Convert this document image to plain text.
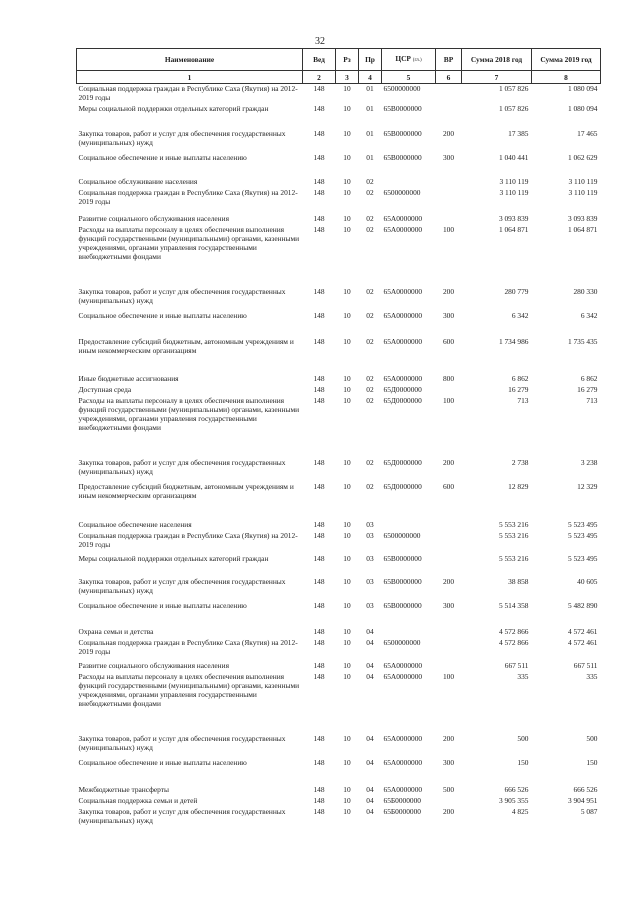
32
Наименование	Вед	Рз	Пр	ЦСР (гл.)	ВР	Сумма 2018 год	Сумма 2019 год
1	2	3	4	5	6	7	8
Социальная поддержка граждан в Республике Саха (Якутия) на 2012-2019 годы	148	10	01	6500000000		1 057 826	1 080 094
Меры социальной поддержки отдельных категорий граждан	148	10	01	65В0000000		1 057 826	1 080 094
Закупка товаров, работ и услуг для обеспечения государственных (муниципальных) нужд	148	10	01	65В0000000	200	17 385	17 465
Социальное обеспечение и иные выплаты населению	148	10	01	65В0000000	300	1 040 441	1 062 629
Социальное обслуживание населения	148	10	02			3 110 119	3 110 119
Социальная поддержка граждан в Республике Саха (Якутия) на 2012-2019 годы	148	10	02	6500000000		3 110 119	3 110 119
Развитие социального обслуживания населения	148	10	02	65А0000000		3 093 839	3 093 839
Расходы на выплаты персоналу в целях обеспечения выполнения функций государственными (муниципальными) органами, казенными учреждениями, органами управления государственными внебюджетными фондами	148	10	02	65А0000000	100	1 064 871	1 064 871
Закупка товаров, работ и услуг для обеспечения государственных (муниципальных) нужд	148	10	02	65А0000000	200	280 779	280 330
Социальное обеспечение и иные выплаты населению	148	10	02	65А0000000	300	6 342	6 342
Предоставление субсидий бюджетным, автономным учреждениям и иным некоммерческим организациям	148	10	02	65А0000000	600	1 734 986	1 735 435
Иные бюджетные ассигнования	148	10	02	65А0000000	800	6 862	6 862
Доступная среда	148	10	02	65Д0000000		16 279	16 279
Расходы на выплаты персоналу в целях обеспечения выполнения функций государственными (муниципальными) органами, казенными учреждениями, органами управления государственными внебюджетными фондами	148	10	02	65Д0000000	100	713	713
Закупка товаров, работ и услуг для обеспечения государственных (муниципальных) нужд	148	10	02	65Д0000000	200	2 738	3 238
Предоставление субсидий бюджетным, автономным учреждениям и иным некоммерческим организациям	148	10	02	65Д0000000	600	12 829	12 329
Социальное обеспечение населения	148	10	03			5 553 216	5 523 495
Социальная поддержка граждан в Республике Саха (Якутия) на 2012-2019 годы	148	10	03	6500000000		5 553 216	5 523 495
Меры социальной поддержки отдельных категорий граждан	148	10	03	65В0000000		5 553 216	5 523 495
Закупка товаров, работ и услуг для обеспечения государственных (муниципальных) нужд	148	10	03	65В0000000	200	38 858	40 605
Социальное обеспечение и иные выплаты населению	148	10	03	65В0000000	300	5 514 358	5 482 890
Охрана семьи и детства	148	10	04			4 572 866	4 572 461
Социальная поддержка граждан в Республике Саха (Якутия) на 2012-2019 годы	148	10	04	6500000000		4 572 866	4 572 461
Развитие социального обслуживания населения	148	10	04	65А0000000		667 511	667 511
Расходы на выплаты персоналу в целях обеспечения выполнения функций государственными (муниципальными) органами, казенными учреждениями, органами управления государственными внебюджетными фондами	148	10	04	65А0000000	100	335	335
Закупка товаров, работ и услуг для обеспечения государственных (муниципальных) нужд	148	10	04	65А0000000	200	500	500
Социальное обеспечение и иные выплаты населению	148	10	04	65А0000000	300	150	150
Межбюджетные трансферты	148	10	04	65А0000000	500	666 526	666 526
Социальная поддержка семьи и детей	148	10	04	65Б0000000		3 905 355	3 904 951
Закупка товаров, работ и услуг для обеспечения государственных (муниципальных) нужд	148	10	04	65Б0000000	200	4 825	5 087
